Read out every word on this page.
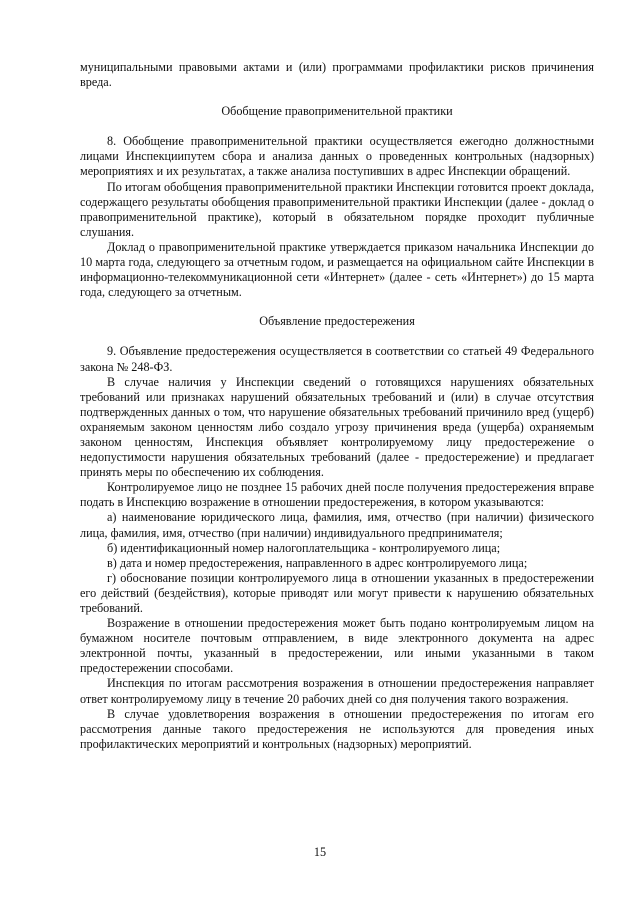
муниципальными правовыми актами и (или) программами профилактики рисков причинения вреда.

Обобщение правоприменительной практики

8. Обобщение правоприменительной практики осуществляется ежегодно должностными лицами Инспекциипутем сбора и анализа данных о проведенных контрольных (надзорных) мероприятиях и их результатах, а также анализа поступивших в адрес Инспекции обращений.

По итогам обобщения правоприменительной практики Инспекции готовится проект доклада, содержащего результаты обобщения правоприменительной практики Инспекции (далее - доклад о правоприменительной практике), который в обязательном порядке проходит публичные слушания.

Доклад о правоприменительной практике утверждается приказом начальника Инспекции до 10 марта года, следующего за отчетным годом, и размещается на официальном сайте Инспекции в информационно-телекоммуникационной сети «Интернет» (далее - сеть «Интернет») до 15 марта года, следующего за отчетным.

Объявление предостережения

9. Объявление предостережения осуществляется в соответствии со статьей 49 Федерального закона № 248-ФЗ.

В случае наличия у Инспекции сведений о готовящихся нарушениях обязательных требований или признаках нарушений обязательных требований и (или) в случае отсутствия подтвержденных данных о том, что нарушение обязательных требований причинило вред (ущерб) охраняемым законом ценностям либо создало угрозу причинения вреда (ущерба) охраняемым законом ценностям, Инспекция объявляет контролируемому лицу предостережение о недопустимости нарушения обязательных требований (далее - предостережение) и предлагает принять меры по обеспечению их соблюдения.

Контролируемое лицо не позднее 15 рабочих дней после получения предостережения вправе подать в Инспекцию возражение в отношении предостережения, в котором указываются:

а) наименование юридического лица, фамилия, имя, отчество (при наличии) физического лица, фамилия, имя, отчество (при наличии) индивидуального предпринимателя;

б) идентификационный номер налогоплательщика - контролируемого лица;

в) дата и номер предостережения, направленного в адрес контролируемого лица;

г) обоснование позиции контролируемого лица в отношении указанных в предостережении его действий (бездействия), которые приводят или могут привести к нарушению обязательных требований.

Возражение в отношении предостережения может быть подано контролируемым лицом на бумажном носителе почтовым отправлением, в виде электронного документа на адрес электронной почты, указанный в предостережении, или иными указанными в таком предостережении способами.

Инспекция по итогам рассмотрения возражения в отношении предостережения направляет ответ контролируемому лицу в течение 20 рабочих дней со дня получения такого возражения.

В случае удовлетворения возражения в отношении предостережения по итогам его рассмотрения данные такого предостережения не используются для проведения иных профилактических мероприятий и контрольных (надзорных) мероприятий.

15
